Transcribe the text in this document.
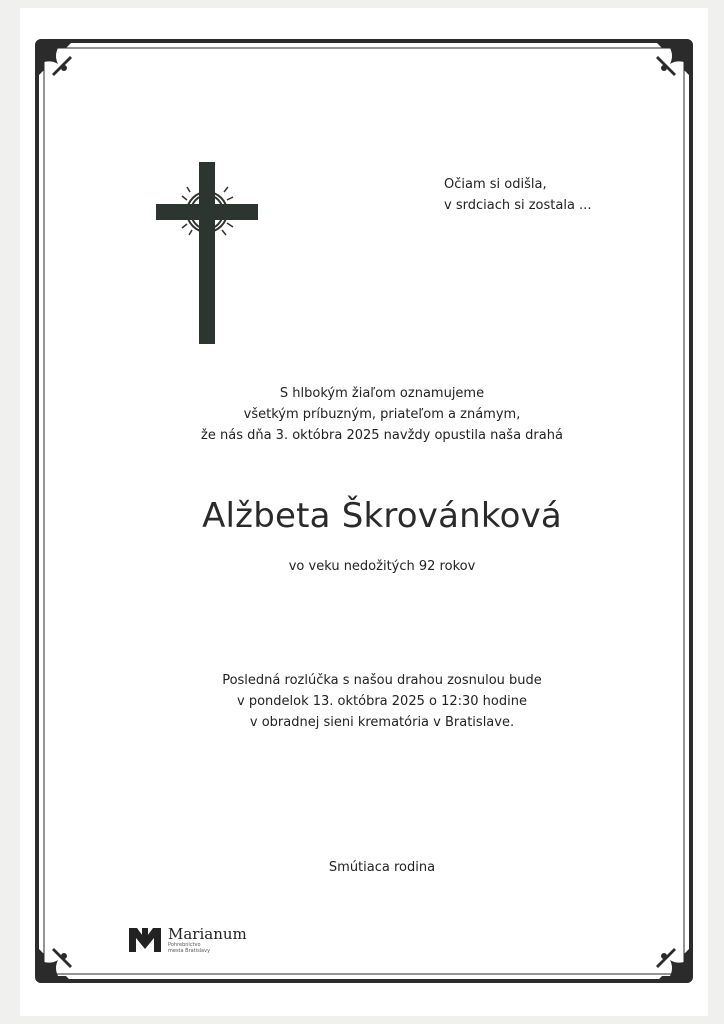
Očiam si odišla,
v srdciach si zostala ...
S hlbokým žiaľom oznamujeme
všetkým príbuzným, priateľom a známym,
že nás dňa 3. októbra 2025 navždy opustila naša drahá
Alžbeta Škrovánková
vo veku nedožitých 92 rokov
Posledná rozlúčka s našou drahou zosnulou bude
v pondelok 13. októbra 2025 o 12:30 hodine
v obradnej sieni krematória v Bratislave.
Smútiaca rodina
Marianum
Pohrebníctvo
mesta Bratislavy
